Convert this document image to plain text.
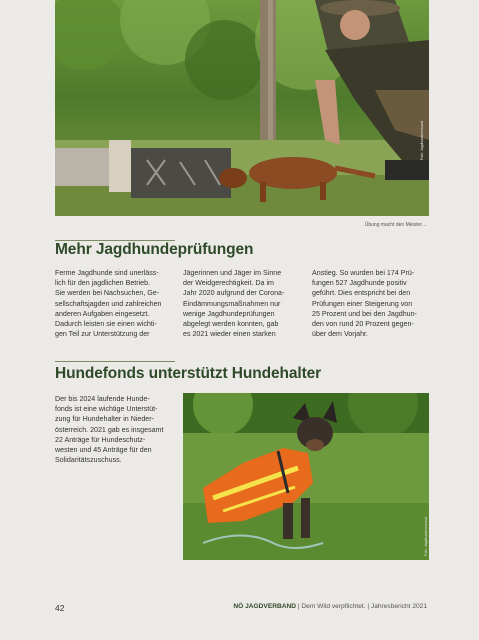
Foto: Jagdhundeverband
Übung macht den Meister…
Mehr Jagdhundeprüfungen
Ferme Jagdhunde sind unerläss-
lich für den jagdlichen Betrieb.
Sie werden bei Nachsuchen, Ge-
sellschaftsjagden und zahlreichen
anderen Aufgaben eingesetzt.
Dadurch leisten sie einen wichti-
gen Teil zur Unterstützung der
Jägerinnen und Jäger im Sinne
der Weidgerechtigkeit. Da im
Jahr 2020 aufgrund der Corona-
Eindämmungsmaßnahmen nur
wenige Jagdhundeprüfungen
abgelegt werden konnten, gab
es 2021 wieder einen starken
Anstieg. So wurden bei 174 Prü-
fungen 527 Jagdhunde positiv
geführt. Dies entspricht bei den
Prüfungen einer Steigerung von
25 Prozent und bei den Jagdhun-
den von rund 20 Prozent gegen-
über dem Vorjahr.
Hundefonds unterstützt Hundehalter
Der bis 2024 laufende Hunde-
fonds ist eine wichtige Unterstüt-
zung für Hundehalter in Nieder-
österreich. 2021 gab es insgesamt
22 Anträge für Hundeschutz-
westen und 45 Anträge für den
Solidaritätszuschuss.
Foto: Jagdhundeverband
42	NÖ JAGDVERBAND | Dem Wild verpflichtet. | Jahresbericht 2021
